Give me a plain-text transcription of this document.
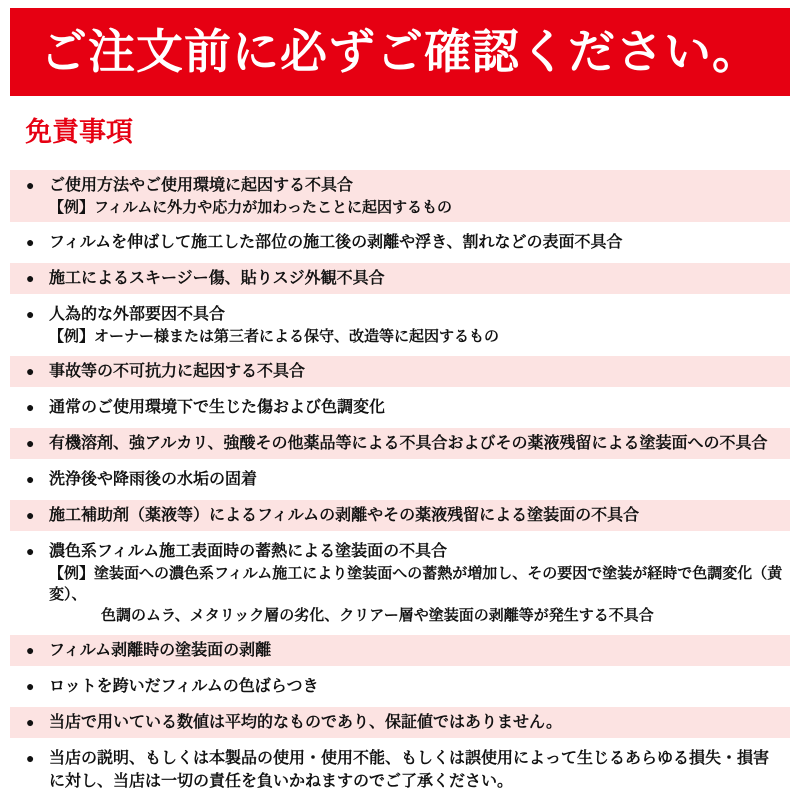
ご注文前に必ずご確認ください。
免責事項
● ご使用方法やご使用環境に起因する不具合
【例】フィルムに外力や応力が加わったことに起因するもの
● フィルムを伸ばして施工した部位の施工後の剥離や浮き、割れなどの表面不具合
● 施工によるスキージー傷、貼りスジ外観不具合
● 人為的な外部要因不具合
【例】オーナー様または第三者による保守、改造等に起因するもの
● 事故等の不可抗力に起因する不具合
● 通常のご使用環境下で生じた傷および色調変化
● 有機溶剤、強アルカリ、強酸その他薬品等による不具合およびその薬液残留による塗装面への不具合
● 洗浄後や降雨後の水垢の固着
● 施工補助剤（薬液等）によるフィルムの剥離やその薬液残留による塗装面の不具合
● 濃色系フィルム施工表面時の蓄熱による塗装面の不具合
【例】塗装面への濃色系フィルム施工により塗装面への蓄熱が増加し、その要因で塗装が経時で色調変化（黄変）、
色調のムラ、メタリック層の劣化、クリアー層や塗装面の剥離等が発生する不具合
● フィルム剥離時の塗装面の剥離
● ロットを跨いだフィルムの色ばらつき
● 当店で用いている数値は平均的なものであり、保証値ではありません。
● 当店の説明、もしくは本製品の使用・使用不能、もしくは誤使用によって生じるあらゆる損失・損害
に対し、当店は一切の責任を負いかねますのでご了承ください。
